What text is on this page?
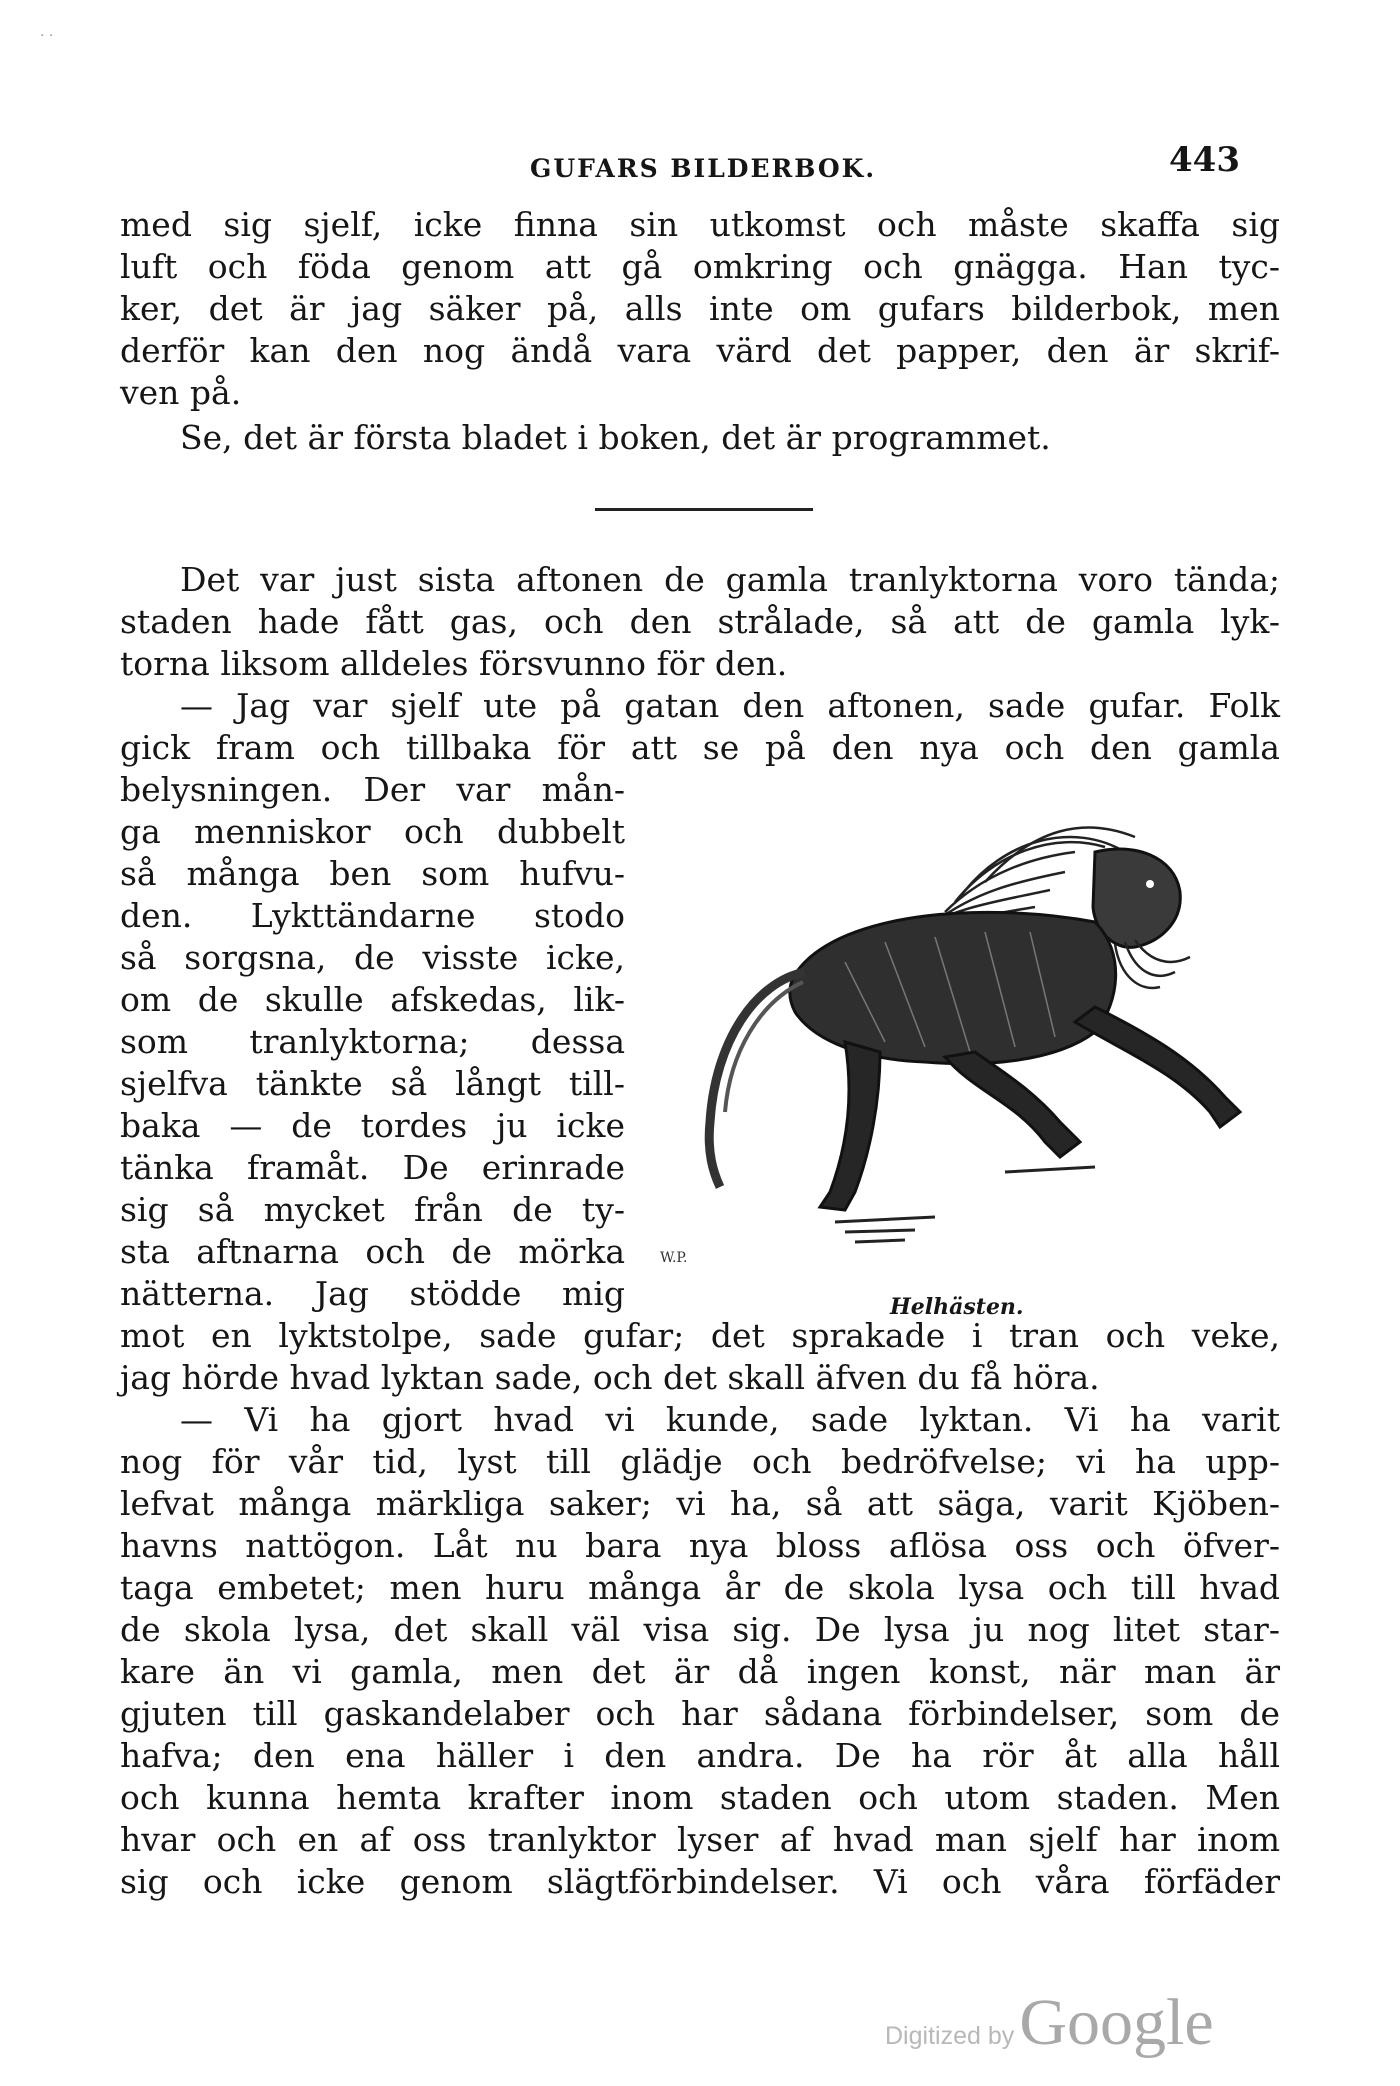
· ·
GUFARS BILDERBOK.	443
med sig sjelf, icke finna sin utkomst och måste skaffa sig
luft och föda genom att gå omkring och gnägga. Han tyc-
ker, det är jag säker på, alls inte om gufars bilderbok, men
derför kan den nog ändå vara värd det papper, den är skrif-
ven på.
Se, det är första bladet i boken, det är programmet.
Det var just sista aftonen de gamla tranlyktorna voro tända;
staden hade fått gas, och den strålade, så att de gamla lyk-
torna liksom alldeles försvunno för den.
— Jag var sjelf ute på gatan den aftonen, sade gufar. Folk
gick fram och tillbaka för att se på den nya och den gamla
belysningen. Der var mån-
ga menniskor och dubbelt
så många ben som hufvu-
den. Lykttändarne stodo
så sorgsna, de visste icke,
om de skulle afskedas, lik-
som tranlyktorna; dessa
sjelfva tänkte så långt till-
baka — de tordes ju icke
tänka framåt. De erinrade
sig så mycket från de ty-
sta aftnarna och de mörka
nätterna. Jag stödde mig
mot en lyktstolpe, sade gufar; det sprakade i tran och veke,
jag hörde hvad lyktan sade, och det skall äfven du få höra.
— Vi ha gjort hvad vi kunde, sade lyktan. Vi ha varit
nog för vår tid, lyst till glädje och bedröfvelse; vi ha upp-
lefvat många märkliga saker; vi ha, så att säga, varit Kjöben-
havns nattögon. Låt nu bara nya bloss aflösa oss och öfver-
taga embetet; men huru många år de skola lysa och till hvad
de skola lysa, det skall väl visa sig. De lysa ju nog litet star-
kare än vi gamla, men det är då ingen konst, när man är
gjuten till gaskandelaber och har sådana förbindelser, som de
hafva; den ena häller i den andra. De ha rör åt alla håll
och kunna hemta krafter inom staden och utom staden. Men
hvar och en af oss tranlyktor lyser af hvad man sjelf har inom
sig och icke genom slägtförbindelser. Vi och våra förfäder
W.P.
Helhästen.
Digitized by Google
